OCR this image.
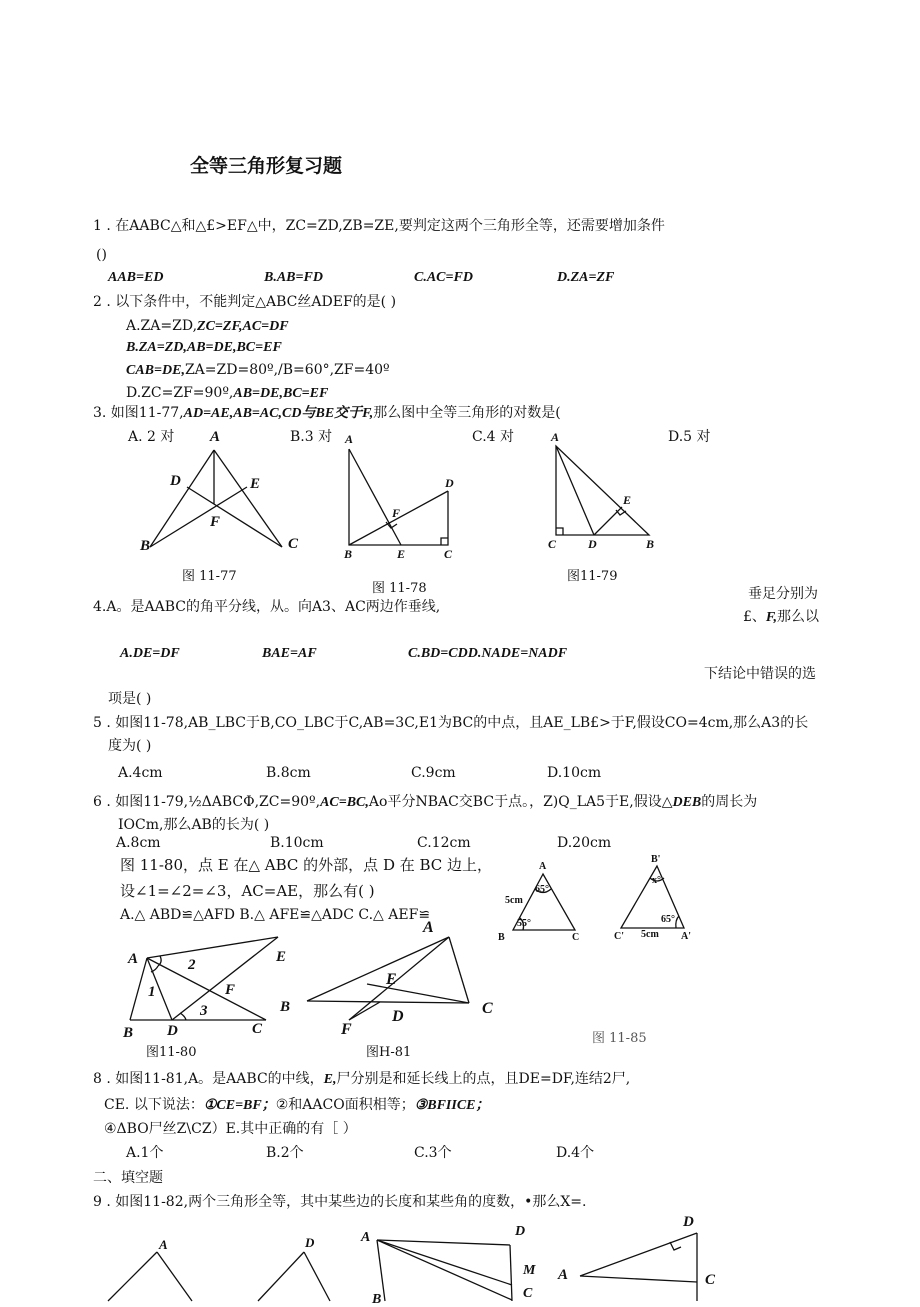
全等三角形复习题
1 . 在AABC△和△£>EF△中，ZC=ZD,ZB=ZE,要判定这两个三角形全等，还需要增加条件
()
AAB=ED	B.AB=FD	C.AC=FD	D.ZA=ZF
2 . 以下条件中，不能判定△ABC丝ADEF的是( )
A.ZA=ZD,ZC=ZF,AC=DF
B.ZA=ZD,AB=DE,BC=EF
CAB=DE,ZA=ZD=80º,/B=60°,ZF=40º
D.ZC=ZF=90º,AB=DE,BC=EF
3. 如图11-77,AD=AE,AB=AC,CD与BE交于F,那么图中全等三角形的对数是(
A. 2 对	B.3 对	C.4 对	D.5 对
A
D	E
F
B	C
图 11-77
A
D
F
B	E	C
图 11-78
A
E
C	D	B
图11-79
垂足分别为
4.A。是AABC的角平分线，从。向A3、AC两边作垂线,
£、F,那么以
A.DE=DF	BAE=AF	C.BD=CDD.NADE=NADF
下结论中错误的选
项是( )
5 . 如图11-78,AB_LBC于B,CO_LBC于C,AB=3C,E1为BC的中点，且AE_LB£>于F,假设CO=4cm,那么A3的长
度为( )
A.4cm	B.8cm	C.9cm	D.10cm
6 . 如图11-79,½ΔABCΦ,ZC=90º,AC=BC,Ao平分NBAC交BC于点。，Z)Q_LA5于E,假设△DEB的周长为
IOCm,那么AB的长为( )
A.8cm	B.10cm	C.12cm	D.20cm
图 11-80，点 E 在△ ABC 的外部，点 D 在 BC 边上，
设∠1=∠2=∠3，AC=AE，那么有( )
A.△ ABD≌△AFD B.△ AFE≌△ADC C.△ AEF≌
A
65°
5cm
55°
B	C
B'
x°
65°
C' 5cm A'
A	2	E
1	F
3	B
B D	C
图11-80
A
E
C
D
F
图H-81
图 11-85
8 . 如图11-81,A。是AABC的中线，E,尸分别是和延长线上的点，且DE=DF,连结2尸,
CE. 以下说法：①CE=BF；②和AACO面积相等；③BFIICE；
④ΔBO尸丝Z\CZ）E.其中正确的有［ ）
A.1个	B.2个	C.3个	D.4个
二、填空题
9 . 如图11-82,两个三角形全等，其中某些边的长度和某些角的度数，•那么X=.
A	D	A	D
M
C
B
D
A	C
